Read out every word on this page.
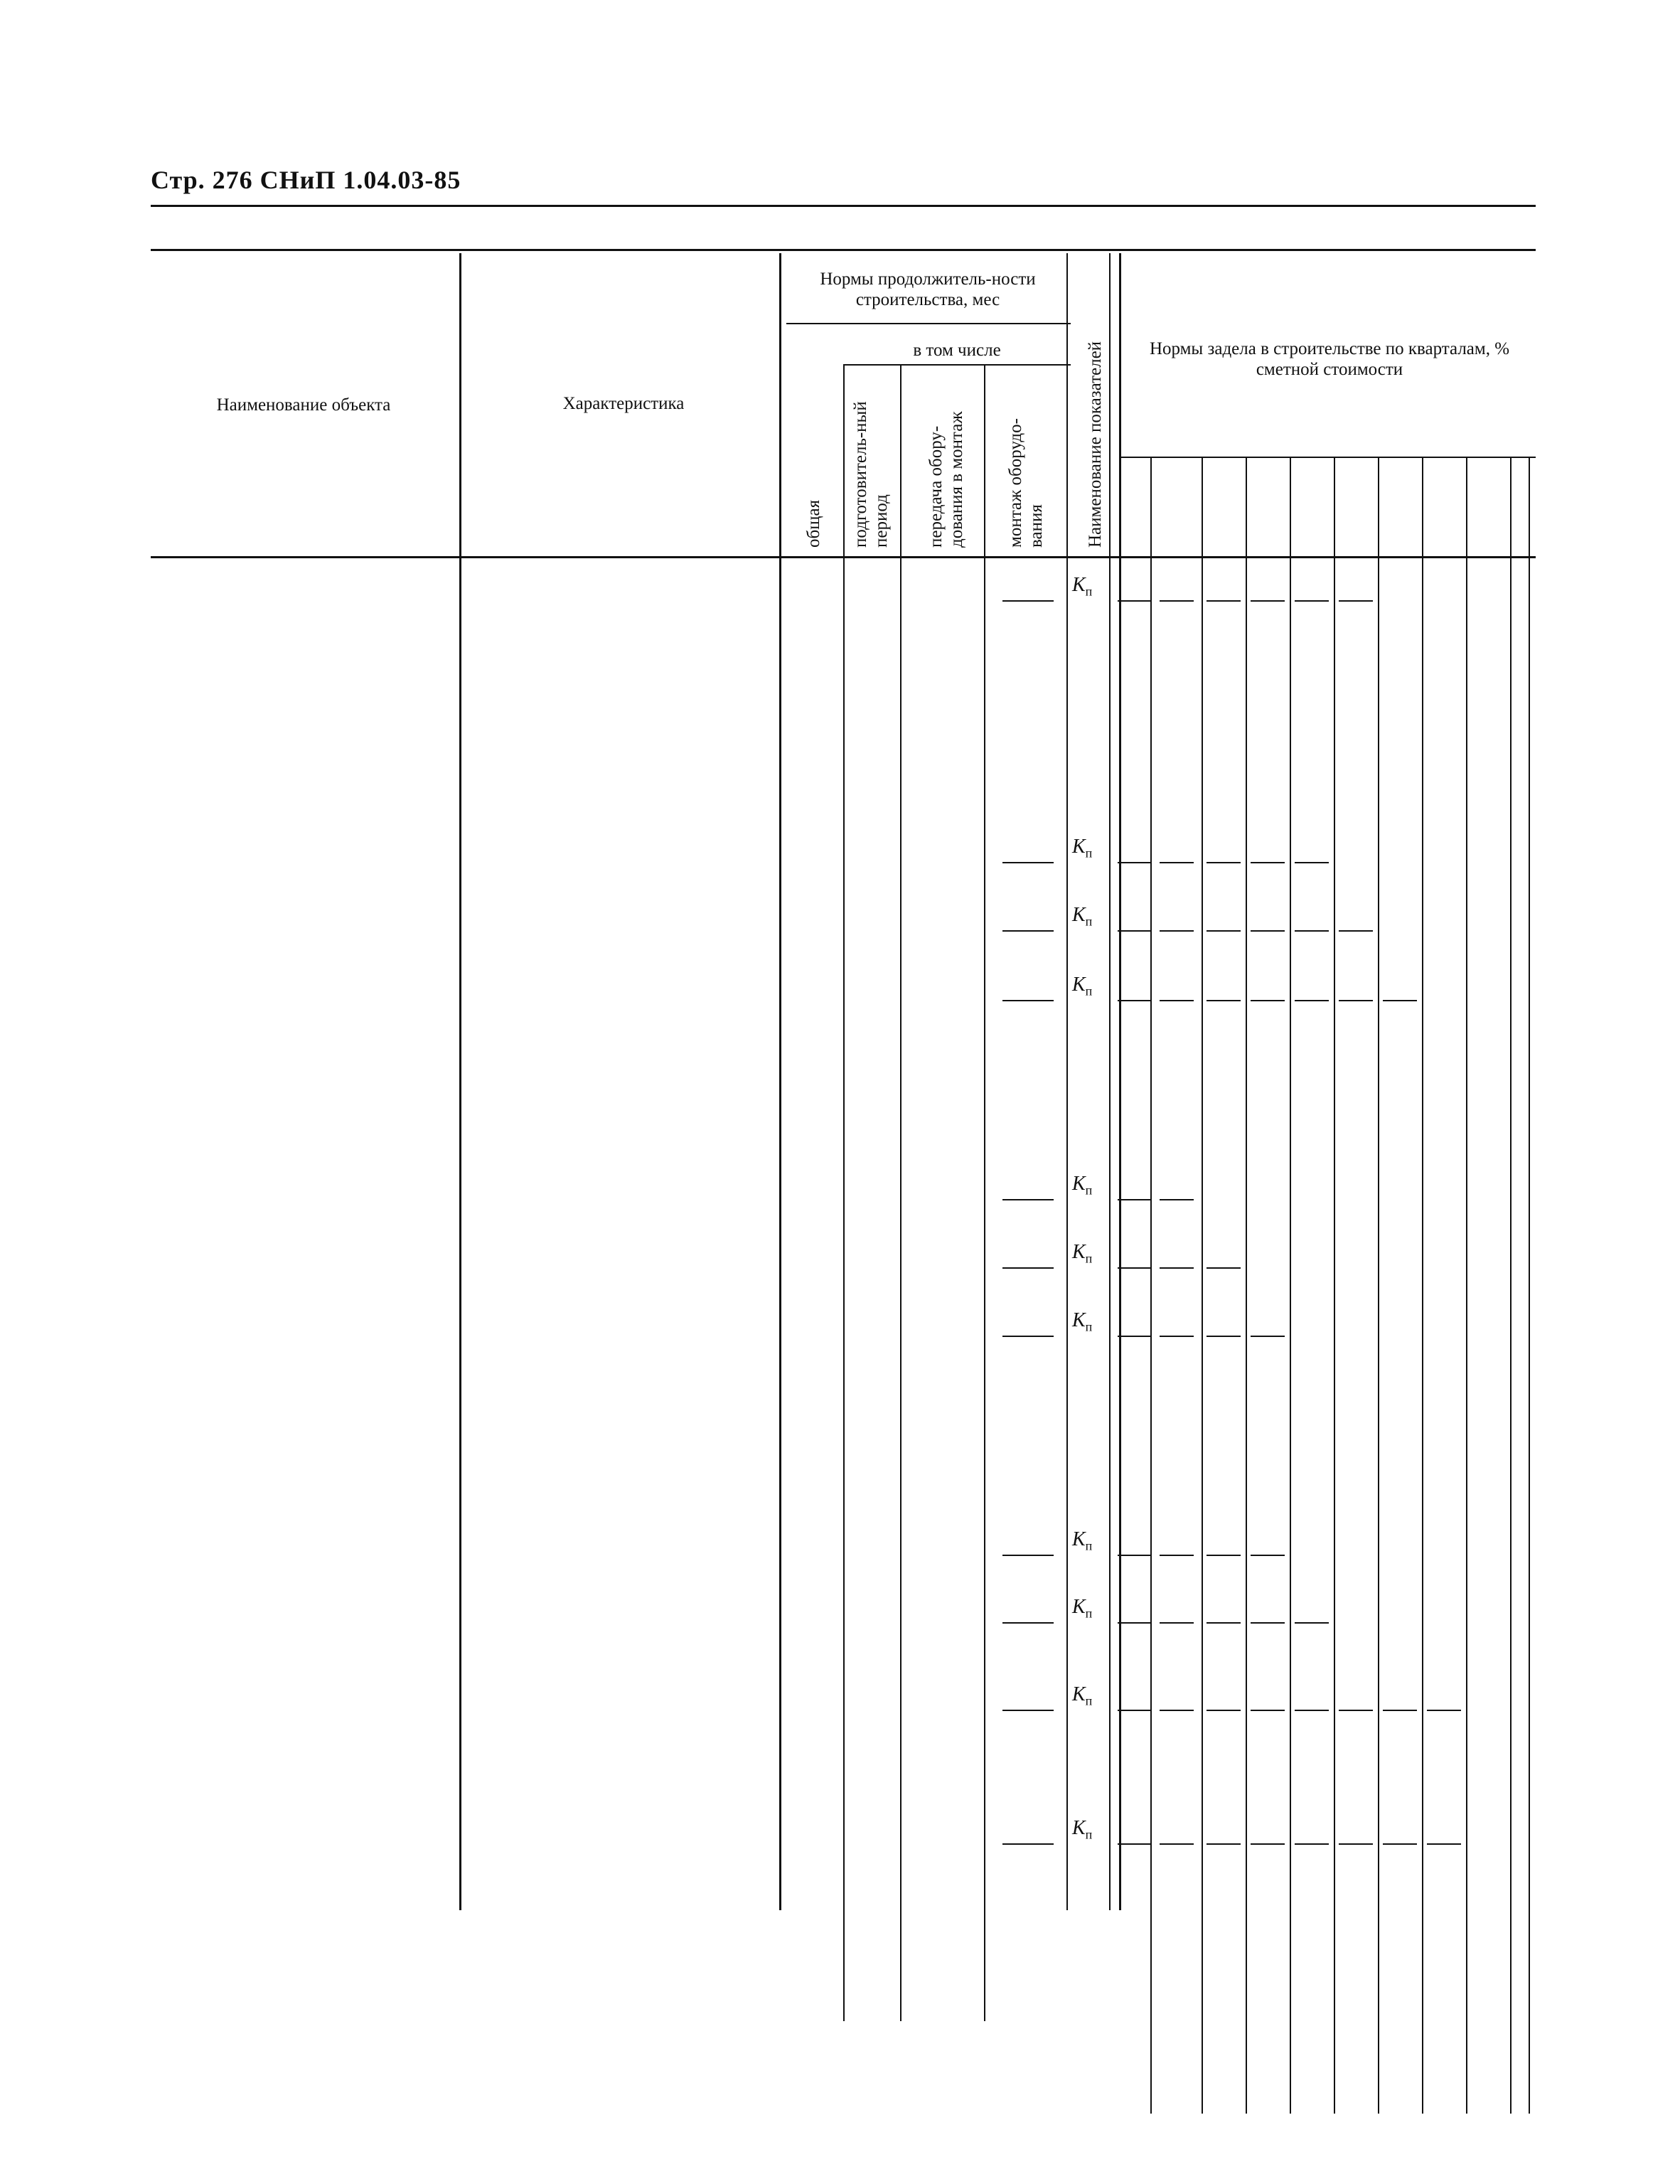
Стр. 276 СНиП 1.04.03-85
Наименование объекта	Характеристика
Нормы продолжитель-ности строительства, мес
в том числе	Нормы задела в строительстве по кварталам, % сметной стоимости
общая подготовитель-ный период передача обору-дования в монтаж монтаж оборудо-вания Наименование показателей
$К_п$
$К_п$
$К_п$
$К_п$
$К_п$
$К_п$
$К_п$
$К_п$
$К_п$
$К_п$
$К_п$
